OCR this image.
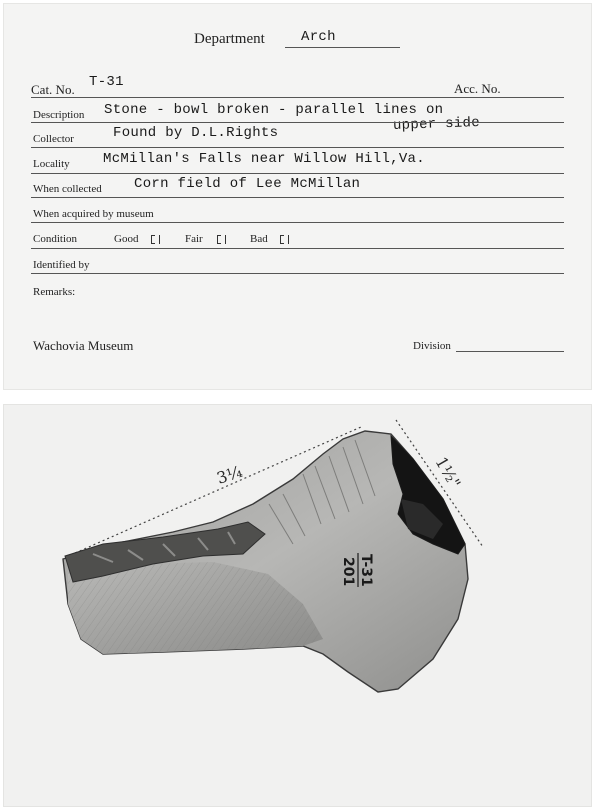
Department	Arch
Cat. No. T-31	Acc. No.
Description Stone - bowl broken - parallel lines on
upper side
Collector	Found by D.L.Rights
Locality McMillan's Falls near Willow Hill,Va.
When collected Corn field of Lee McMillan
When acquired by museum
Condition	Good	Fair	Bad
Identified by
Remarks:
Wachovia Museum	Division
3¼	1½"
T-31
201
